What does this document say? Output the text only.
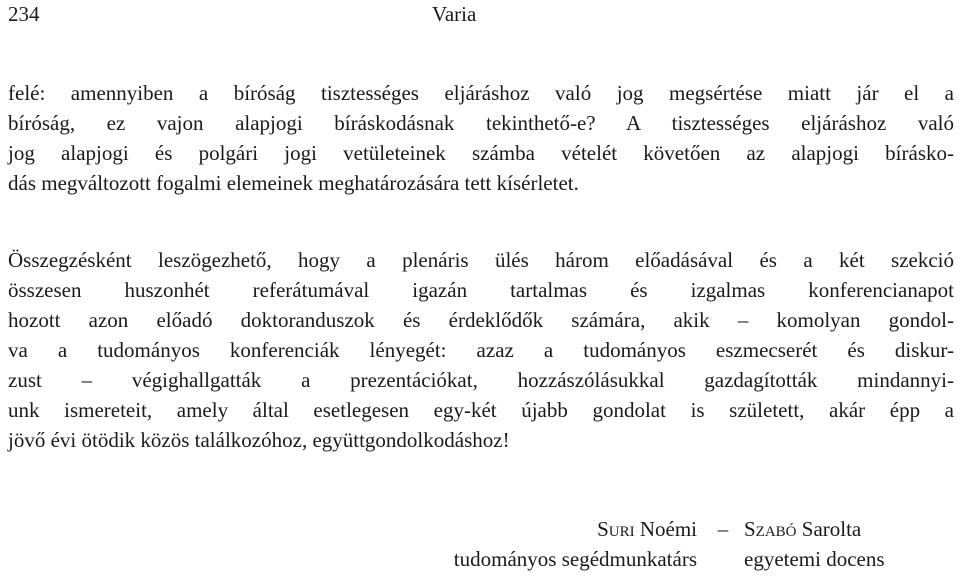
234	Varia
felé: amennyiben a bíróság tisztességes eljáráshoz való jog megsértése miatt jár el a
bíróság, ez vajon alapjogi bíráskodásnak tekinthető-e? A tisztességes eljáráshoz való
jog alapjogi és polgári jogi vetületeinek számba vételét követően az alapjogi bírásko-
dás megváltozott fogalmi elemeinek meghatározására tett kísérletet.
Összegzésként leszögezhető, hogy a plenáris ülés három előadásával és a két szekció
összesen huszonhét referátumával igazán tartalmas és izgalmas konferencianapot
hozott azon előadó doktoranduszok és érdeklődők számára, akik – komolyan gondol-
va a tudományos konferenciák lényegét: azaz a tudományos eszmecserét és diskur-
zust – végighallgatták a prezentációkat, hozzászólásukkal gazdagították mindannyi-
unk ismereteit, amely által esetlegesen egy-két újabb gondolat is született, akár épp a
jövő évi ötödik közös találkozóhoz, együttgondolkodáshoz!
Suri Noémi
tudományos segédmunkatárs
– Szabó Sarolta
egyetemi docens
